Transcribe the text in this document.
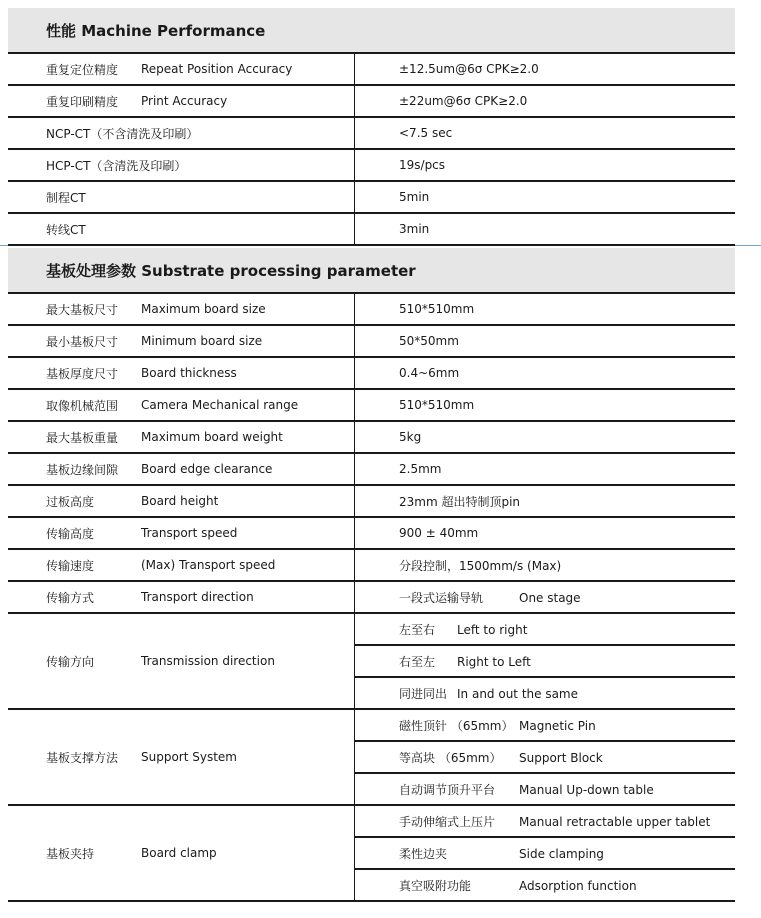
性能 Machine Performance
重复定位精度	Repeat Position Accuracy	±12.5um@6σ CPK≥2.0
重复印刷精度	Print Accuracy	±22um@6σ CPK≥2.0
NCP-CT（不含清洗及印刷）		<7.5 sec
HCP-CT（含清洗及印刷）		19s/pcs
制程CT		5min
转线CT		3min
基板处理参数 Substrate processing parameter
最大基板尺寸	Maximum board size	510*510mm
最小基板尺寸	Minimum board size	50*50mm
基板厚度尺寸	Board thickness	0.4~6mm
取像机械范围	Camera Mechanical range	510*510mm
最大基板重量	Maximum board weight	5kg
基板边缘间隙	Board edge clearance	2.5mm
过板高度	Board height	23mm 超出特制顶pin
传输高度	Transport speed	900 ± 40mm
传输速度	(Max) Transport speed	分段控制，1500mm/s (Max)
传输方式	Transport direction	一段式运输导轨 One stage
传输方向	Transmission direction	左至右 Left to right
		右至左 Right to Left
		同进同出 In and out the same
基板支撑方法	Support System	磁性顶针 （65mm） Magnetic Pin
		等高块 （65mm） Support Block
		自动调节顶升平台 Manual Up-down table
基板夹持	Board clamp	手动伸缩式上压片 Manual retractable upper tablet
		柔性边夹 Side clamping
		真空吸附功能 Adsorption function
